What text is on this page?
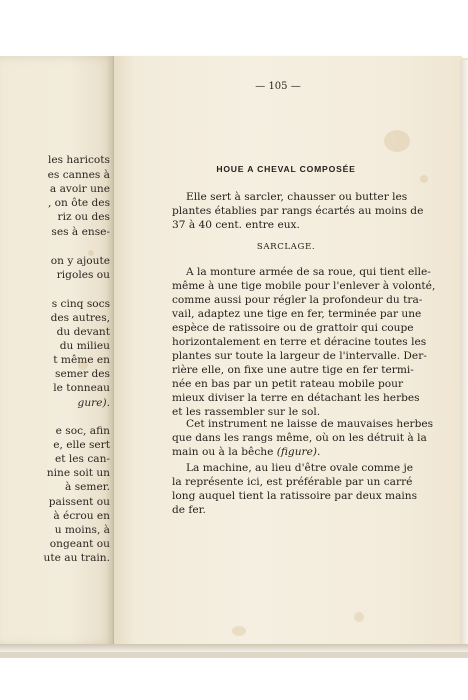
les haricots
es cannes à
a avoir une
, on ôte des
riz ou des
ses à ense-
on y ajoute
rigoles ou
s cinq socs
des autres,
du devant
du milieu
t même en
semer des
le tonneau
gure).
e soc, afin
e, elle sert
et les can-
nine soit un
à semer.
paissent ou
à écrou en
u moins, à
ongeant ou
ute au train.
— 105 —
HOUE A CHEVAL COMPOSÉE
Elle sert à sarcler, chausser ou butter les
plantes établies par rangs écartés au moins de
37 à 40 cent. entre eux.
SARCLAGE.
A la monture armée de sa roue, qui tient elle-
même à une tige mobile pour l'enlever à volonté,
comme aussi pour régler la profondeur du tra-
vail, adaptez une tige en fer, terminée par une
espèce de ratissoire ou de grattoir qui coupe
horizontalement en terre et déracine toutes les
plantes sur toute la largeur de l'intervalle. Der-
rière elle, on fixe une autre tige en fer termi-
née en bas par un petit rateau mobile pour
mieux diviser la terre en détachant les herbes
et les rassembler sur le sol.
Cet instrument ne laisse de mauvaises herbes
que dans les rangs même, où on les détruit à la
main ou à la bêche (figure).
La machine, au lieu d'être ovale comme je
la représente ici, est préférable par un carré
long auquel tient la ratissoire par deux mains
de fer.
